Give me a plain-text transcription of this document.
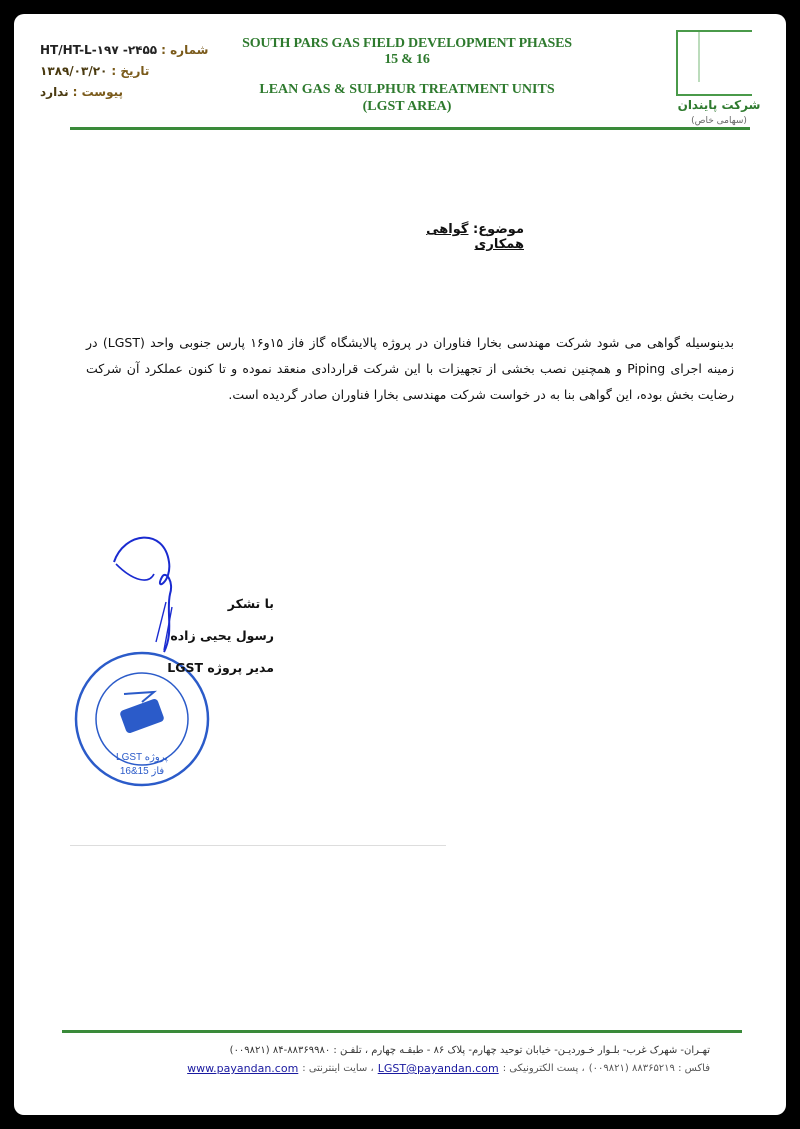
شماره :
۲۴۵۵- HT/HT-L-۱۹۷
تاریخ :
۱۳۸۹/۰۳/۲۰
پیوست :
ندارد
SOUTH PARS GAS FIELD DEVELOPMENT PHASES 15 & 16
LEAN GAS & SULPHUR TREATMENT UNITS
(LGST AREA)	شرکت پایندان
(سهامی خاص)
موضوع: گواهی همکاری
بدینوسیله گواهی می شود شرکت مهندسی بخارا فناوران در پروژه پالایشگاه گاز فاز ۱۵و۱۶ پارس جنوبی واحد (LGST) در زمینه اجرای Piping و همچنین نصب بخشی از تجهیزات با این شرکت قراردادی منعقد نموده و تا کنون عملکرد آن شرکت رضایت بخش بوده، این گواهی بنا به در خواست شرکت مهندسی بخارا فناوران صادر گردیده است.
LGST پروژه
فاز 15&16
با تشکر
رسول یحیی زاده
مدیر پروژه LGST
تهـران- شهرک غرب- بلـوار خـوردیـن- خیابان توحید چهارم- پلاک ۸۶ - طبقـه چهارم ، تلفـن : ۸۸۳۶۹۹۸۰-۸۴ (۰۰۹۸۲۱)
فاکس : ۸۸۳۶۵۲۱۹ (۰۰۹۸۲۱)
، پست الکترونیکی :
LGST@payandan.com
، سایت اینترنتی :
www.payandan.com
